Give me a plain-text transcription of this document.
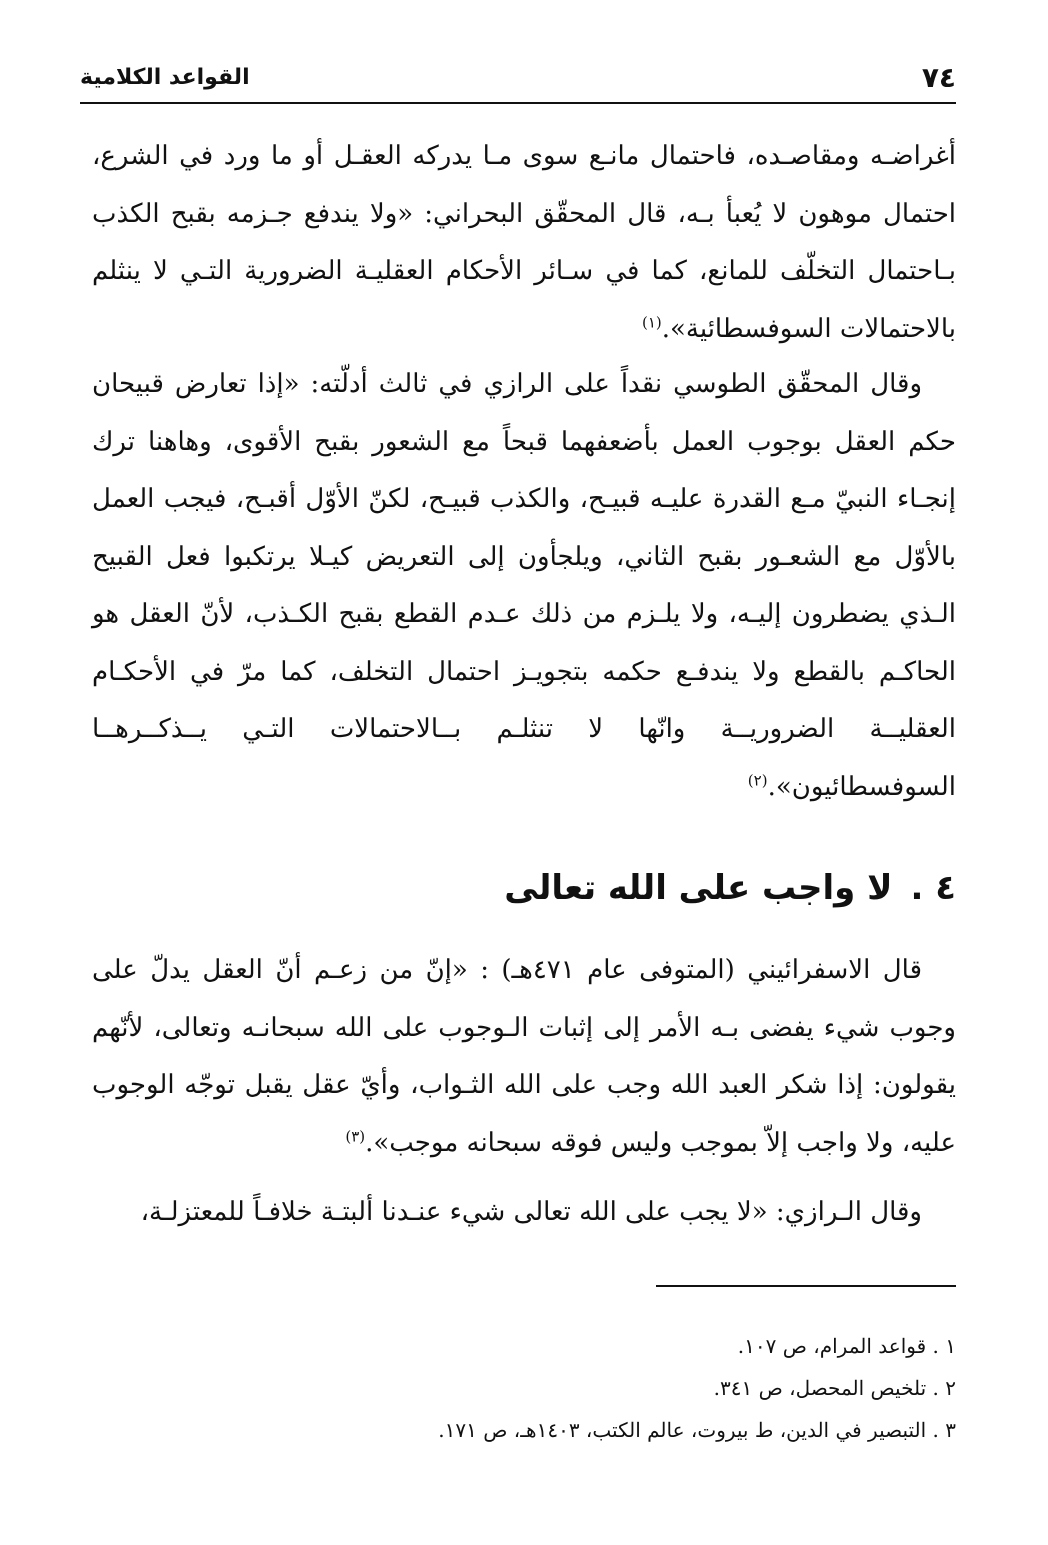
٧٤
القواعد الكلامية

أغراضـه ومقاصـده، فاحتمال مانـع سوى مـا يدركه العقـل أو ما ورد في الشرع، احتمال موهون لا يُعبأ بـه، قال المحقّق البحراني: «ولا يندفع جـزمه بقبح الكذب بـاحتمال التخلّف للمانع، كما في سـائر الأحكام العقليـة الضرورية التـي لا ينثلم بالاحتمالات السوفسطائية».$^{(١)}$

وقال المحقّق الطوسي نقداً على الرازي في ثالث أدلّته: «إذا تعارض قبيحان حكم العقل بوجوب العمل بأضعفهما قبحاً مع الشعور بقبح الأقوى، وهاهنا ترك إنجـاء النبيّ مـع القدرة عليـه قبيـح، والكذب قبيـح، لكنّ الأوّل أقبـح، فيجب العمل بالأوّل مع الشعـور بقبح الثاني، ويلجأون إلى التعريض كيـلا يرتكبوا فعل القبيح الـذي يضطرون إليـه، ولا يلـزم من ذلك عـدم القطع بقبح الكـذب، لأنّ العقل هو الحاكـم بالقطع ولا يندفـع حكمه بتجويـز احتمال التخلف، كما مرّ في الأحكـام العقليــة الضروريــة وانّها لا تنثلـم بــالاحتمالات التـي يــذكــرهــا السوفسطائيون».$^{(٢)}$

٤ .
لا واجب على الله تعالى

قال الاسفرائيني (المتوفى عام ٤٧١هـ) : «إنّ من زعـم أنّ العقل يدلّ على وجوب شيء يفضى بـه الأمر إلى إثبات الـوجوب على الله سبحانـه وتعالى، لأنّهم يقولون: إذا شكر العبد الله وجب على الله الثـواب، وأيّ عقل يقبل توجّه الوجوب عليه، ولا واجب إلاّ بموجب وليس فوقه سبحانه موجب».$^{(٣)}$

وقال الـرازي: «لا يجب على الله تعالى شيء عنـدنا ألبتـة خلافـاً للمعتزلـة،

١ . قواعد المرام، ص ١٠٧.

٢ . تلخيص المحصل، ص ٣٤١.

٣ . التبصير في الدين، ط بيروت، عالم الكتب، ١٤٠٣هـ، ص ١٧١.
